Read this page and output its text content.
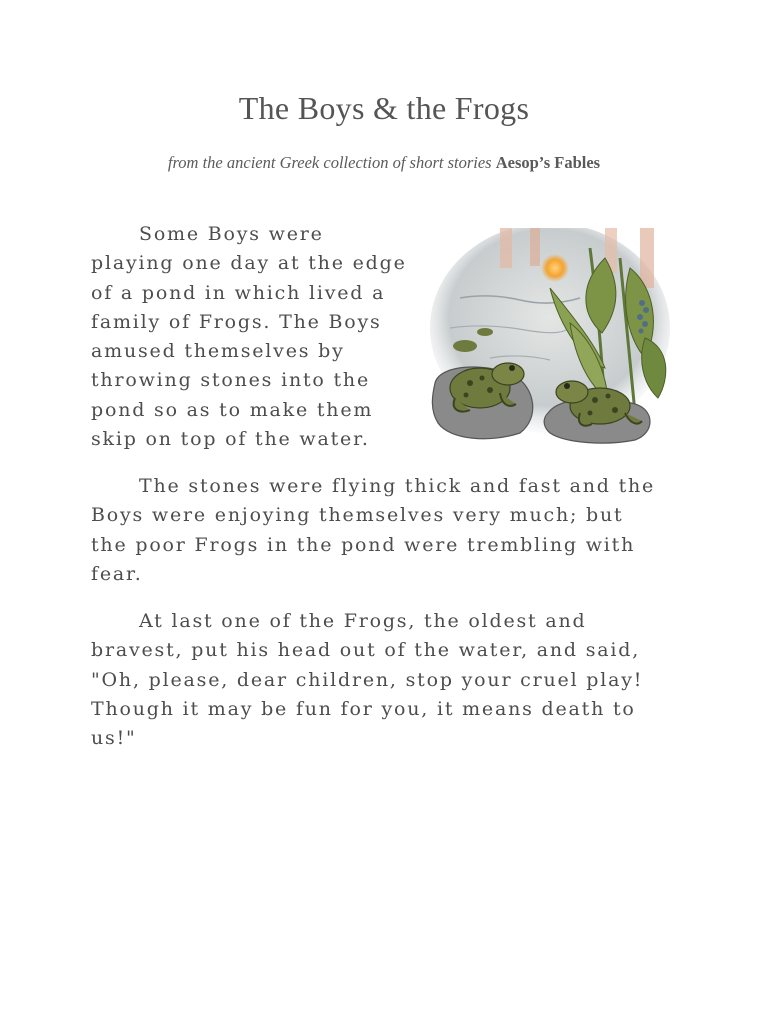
The Boys & the Frogs
from the ancient Greek collection of short stories Aesop’s Fables
Some Boys were
playing one day at the edge
of a pond in which lived a
family of Frogs. The Boys
amused themselves by
throwing stones into the
pond so as to make them
skip on top of the water.
The stones were flying thick and fast and the
Boys were enjoying themselves very much; but
the poor Frogs in the pond were trembling with
fear.
At last one of the Frogs, the oldest and
bravest, put his head out of the water, and said,
"Oh, please, dear children, stop your cruel play!
Though it may be fun for you, it means death to
us!"
